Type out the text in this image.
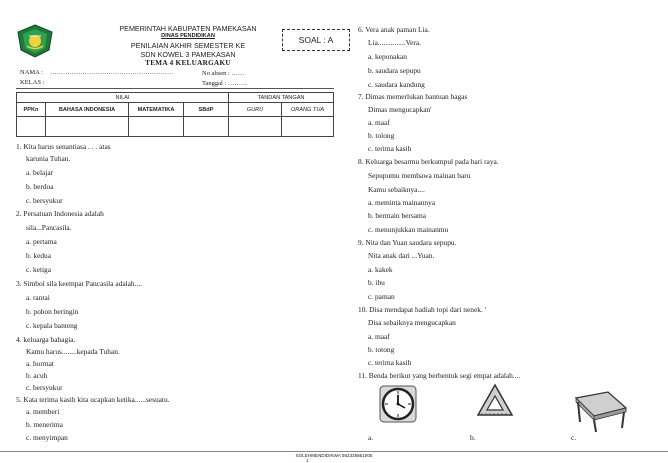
PEMERINTAH KABUPATEN PAMEKASAN
DINAS PENDIDIKAN
PENILAIAN AKHIR SEMESTER KE
SDN KOWEL 3 PAMEKASAN
TEMA 4 KELUARGAKU
SOAL : A
NAMA : …………………………………………………
KELAS :
No absen : ……
Tanggal : ………
NILAI				TANDAN TANGAN	
PPKn	BAHASA INDONESIA	MATEMATIKA	SBdP	GURU	ORANG TUA

1. Kita harus senantiasa . . . atas
karunia Tuhan.
a. belajar
b. berdoa
c. bersyukur
2. Persatuan Indonesia adalah
sila...Pancasila.
a. pertama
b. kedua
c. ketiga
3. Simbol sila keempat Pancasila adalah....
a. rantai
b. pohon beringin
c. kepala banteng
4. keluarga bahagia.
Kamu harus........kepada Tuhan.
a. hormat
b. acuh
c. bersyukur
5. Kata terima kasih kita ucapkan ketika......sesuatu.
a. memberi
b. menerima
c. menyimpan
6. Vera anak paman Lia.
Lia...............Vera.
a. keponakan
b. saudara sepupu
c. saudara kandung
7. Dimas memerlukan bantuan bagas
Dimas mengucapkan'
a. maaf
b. tolong
c. terima kasih
8. Keluarga besarmu berkumpul pada hari raya.
Sepupumu membawa mainan baru
Kamu sebaiknya....
a. meminta mainannya
b. bermain bersama
c. menunjukkan mainanmu
9. Nita dan Yuan saudara sepupu.
Nita anak dari ...Yuan.
a. kakek
b. ibu
c. paman
10. Disa mendapat hadiah topi dari nenek. '
Disa sebaiknya mengucapkan
a. maaf
b. totong
c. terima kasih
11. Benda berikut yang berbentuk segi empat adalah....
a.	b.	c.
SOLEHMENDIDIKWA 082335851005
1
